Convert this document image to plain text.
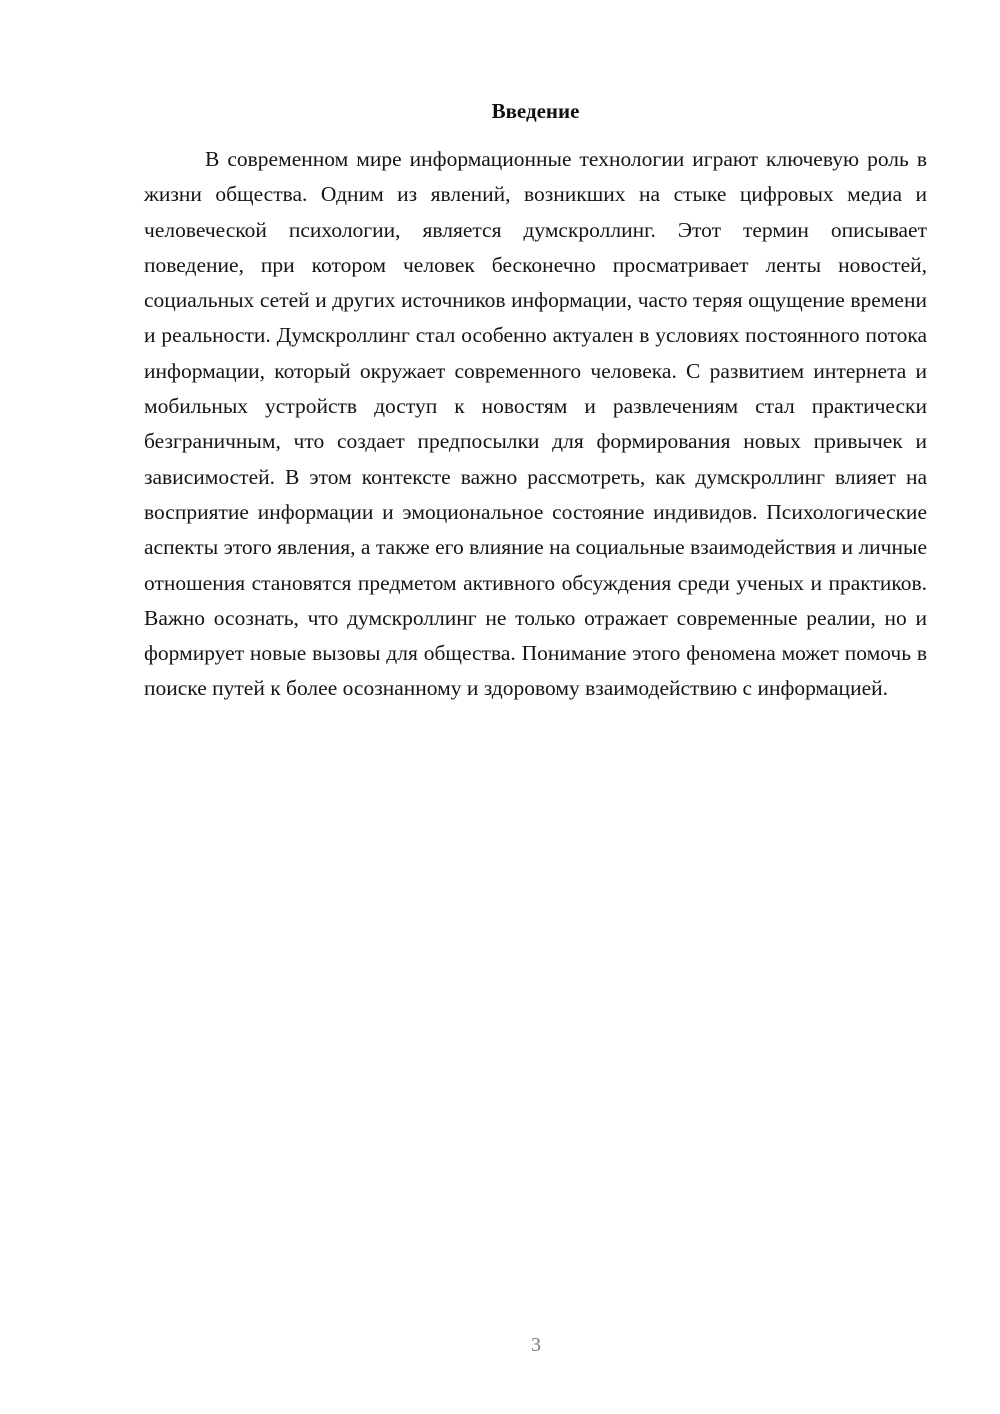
Введение

В современном мире информационные технологии играют ключевую роль в жизни общества. Одним из явлений, возникших на стыке цифровых медиа и человеческой психологии, является думскроллинг. Этот термин описывает поведение, при котором человек бесконечно просматривает ленты новостей, социальных сетей и других источников информации, часто теряя ощущение времени и реальности. Думскроллинг стал особенно актуален в условиях постоянного потока информации, который окружает современного человека. С развитием интернета и мобильных устройств доступ к новостям и развлечениям стал практически безграничным, что создает предпосылки для формирования новых привычек и зависимостей. В этом контексте важно рассмотреть, как думскроллинг влияет на восприятие информации и эмоциональное состояние индивидов. Психологические аспекты этого явления, а также его влияние на социальные взаимодействия и личные отношения становятся предметом активного обсуждения среди ученых и практиков. Важно осознать, что думскроллинг не только отражает современные реалии, но и формирует новые вызовы для общества. Понимание этого феномена может помочь в поиске путей к более осознанному и здоровому взаимодействию с информацией.

3
